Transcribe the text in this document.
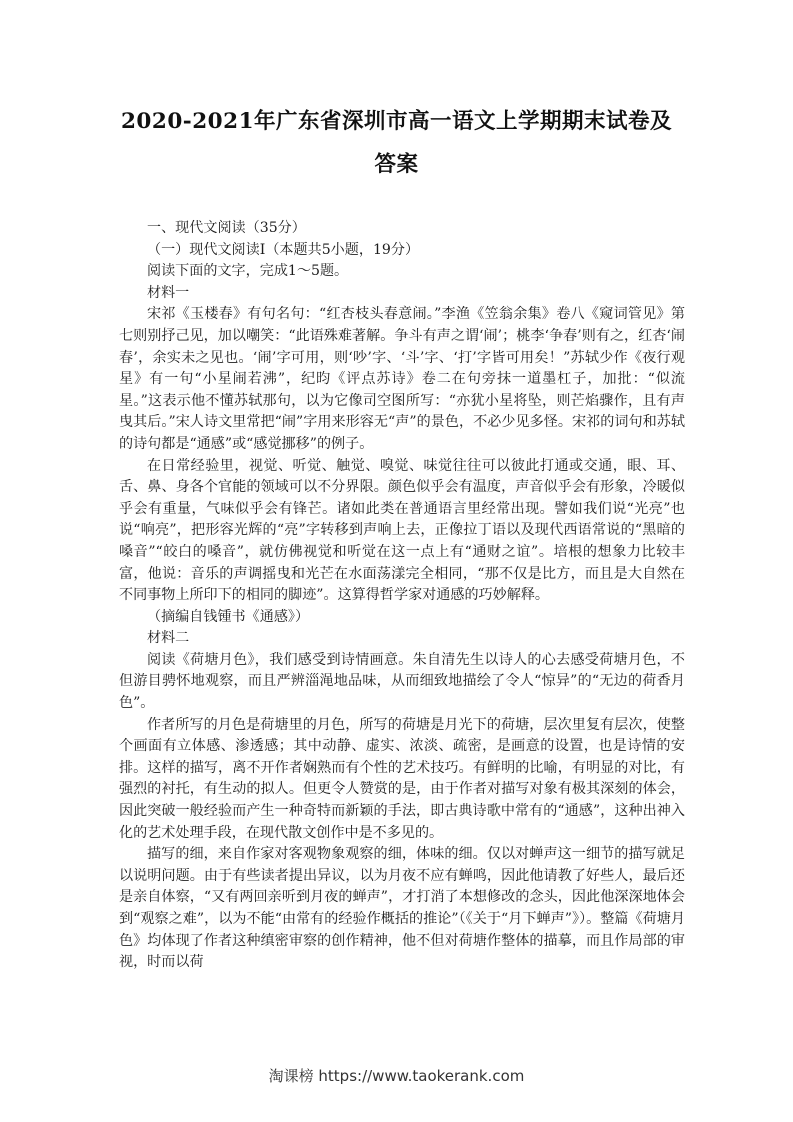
2020-2021年广东省深圳市高一语文上学期期末试卷及
答案

一、现代文阅读（35分）

（一）现代文阅读Ⅰ（本题共5小题，19分）

阅读下面的文字，完成1～5题。

材料一

宋祁《玉楼春》有句名句：“红杏枝头春意闹。”李渔《笠翁余集》卷八《窥词管见》第七则别抒己见，加以嘲笑：“此语殊难著解。争斗有声之谓‘闹’；桃李‘争春’则有之，红杏‘闹春’，余实未之见也。‘闹’字可用，则‘吵’字、‘斗’字、‘打’字皆可用矣！”苏轼少作《夜行观星》有一句“小星闹若沸”，纪昀《评点苏诗》卷二在句旁抹一道墨杠子，加批：“似流星。”这表示他不懂苏轼那句，以为它像司空图所写：“亦犹小星将坠，则芒焰骤作，且有声曳其后。”宋人诗文里常把“闹”字用来形容无“声”的景色，不必少见多怪。宋祁的词句和苏轼的诗句都是“通感”或“感觉挪移”的例子。

在日常经验里，视觉、听觉、触觉、嗅觉、味觉往往可以彼此打通或交通，眼、耳、舌、鼻、身各个官能的领域可以不分界限。颜色似乎会有温度，声音似乎会有形象，冷暖似乎会有重量，气味似乎会有锋芒。诸如此类在普通语言里经常出现。譬如我们说“光亮”也说“响亮”，把形容光辉的“亮”字转移到声响上去，正像拉丁语以及现代西语常说的“黑暗的嗓音”“皎白的嗓音”，就仿佛视觉和听觉在这一点上有“通财之谊”。培根的想象力比较丰富，他说：音乐的声调摇曳和光芒在水面荡漾完全相同，“那不仅是比方，而且是大自然在不同事物上所印下的相同的脚迹”。这算得哲学家对通感的巧妙解释。

（摘编自钱锺书《通感》）

材料二

阅读《荷塘月色》，我们感受到诗情画意。朱自清先生以诗人的心去感受荷塘月色，不但游目骋怀地观察，而且严辨淄渑地品味，从而细致地描绘了令人“惊异”的“无边的荷香月色”。

作者所写的月色是荷塘里的月色，所写的荷塘是月光下的荷塘，层次里复有层次，使整个画面有立体感、渗透感；其中动静、虚实、浓淡、疏密，是画意的设置，也是诗情的安排。这样的描写，离不开作者娴熟而有个性的艺术技巧。有鲜明的比喻，有明显的对比，有强烈的衬托，有生动的拟人。但更令人赞赏的是，由于作者对描写对象有极其深刻的体会，因此突破一般经验而产生一种奇特而新颖的手法，即古典诗歌中常有的“通感”，这种出神入化的艺术处理手段，在现代散文创作中是不多见的。

描写的细，来自作家对客观物象观察的细，体味的细。仅以对蝉声这一细节的描写就足以说明问题。由于有些读者提出异议，以为月夜不应有蝉鸣，因此他请教了好些人，最后还是亲自体察，“又有两回亲听到月夜的蝉声”，才打消了本想修改的念头，因此他深深地体会到“观察之难”，以为不能“由常有的经验作概括的推论”（《关于“月下蝉声”》）。整篇《荷塘月色》均体现了作者这种缜密审察的创作精神，他不但对荷塘作整体的描摹，而且作局部的审视，时而以荷

淘课榜 https://www.taokerank.com
